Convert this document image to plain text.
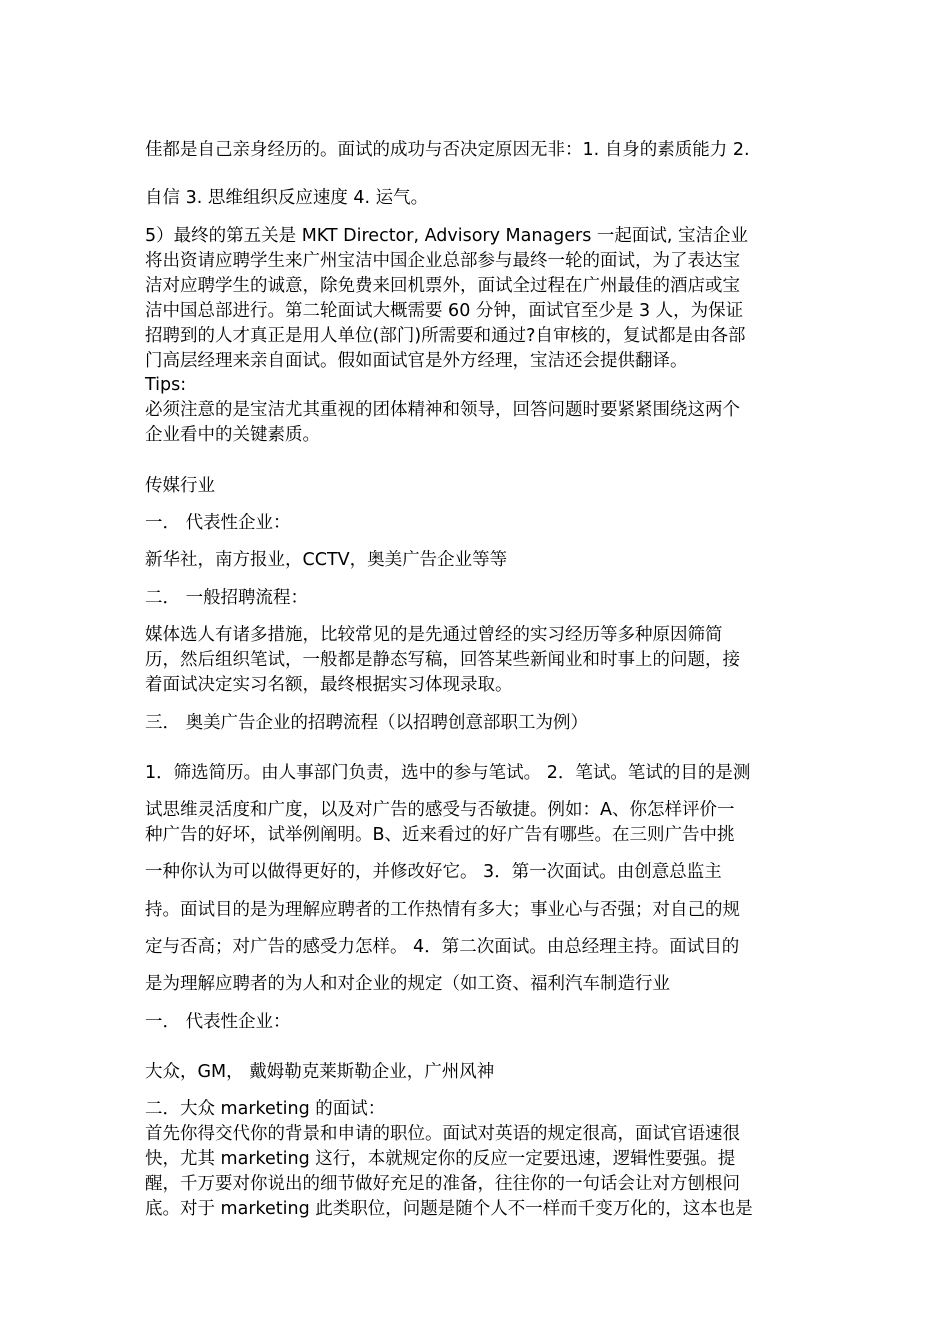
佳都是自己亲身经历的。面试的成功与否决定原因无非：1. 自身的素质能力 2.

自信 3. 思维组织反应速度 4. 运气。

5）最终的第五关是 MKT Director, Advisory Managers 一起面试, 宝洁企业
将出资请应聘学生来广州宝洁中国企业总部参与最终一轮的面试，为了表达宝
洁对应聘学生的诚意，除免费来回机票外，面试全过程在广州最佳的酒店或宝
洁中国总部进行。第二轮面试大概需要 60 分钟，面试官至少是 3 人，为保证
招聘到的人才真正是用人单位(部门)所需要和通过?自审核的，复试都是由各部
门高层经理来亲自面试。假如面试官是外方经理，宝洁还会提供翻译。

Tips:

必须注意的是宝洁尤其重视的团体精神和领导，回答问题时要紧紧围绕这两个
企业看中的关键素质。

传媒行业

一． 代表性企业：

新华社，南方报业，CCTV，奥美广告企业等等

二． 一般招聘流程：

媒体选人有诸多措施，比较常见的是先通过曾经的实习经历等多种原因筛简
历，然后组织笔试，一般都是静态写稿，回答某些新闻业和时事上的问题，接
着面试决定实习名额，最终根据实习体现录取。

三． 奥美广告企业的招聘流程（以招聘创意部职工为例）

1．筛选简历。由人事部门负责，选中的参与笔试。 2．笔试。笔试的目的是测

试思维灵活度和广度，以及对广告的感受与否敏捷。例如：A、你怎样评价一
种广告的好坏，试举例阐明。B、近来看过的好广告有哪些。在三则广告中挑

一种你认为可以做得更好的，并修改好它。 3．第一次面试。由创意总监主

持。面试目的是为理解应聘者的工作热情有多大；事业心与否强；对自己的规

定与否高；对广告的感受力怎样。 4．第二次面试。由总经理主持。面试目的

是为理解应聘者的为人和对企业的规定（如工资、福利汽车制造行业

一． 代表性企业：

大众，GM， 戴姆勒克莱斯勒企业，广州风神

二．大众 marketing 的面试：
首先你得交代你的背景和申请的职位。面试对英语的规定很高，面试官语速很
快，尤其 marketing 这行，本就规定你的反应一定要迅速，逻辑性要强。提
醒，千万要对你说出的细节做好充足的准备，往往你的一句话会让对方刨根问
底。对于 marketing 此类职位，问题是随个人不一样而千变万化的，这本也是
